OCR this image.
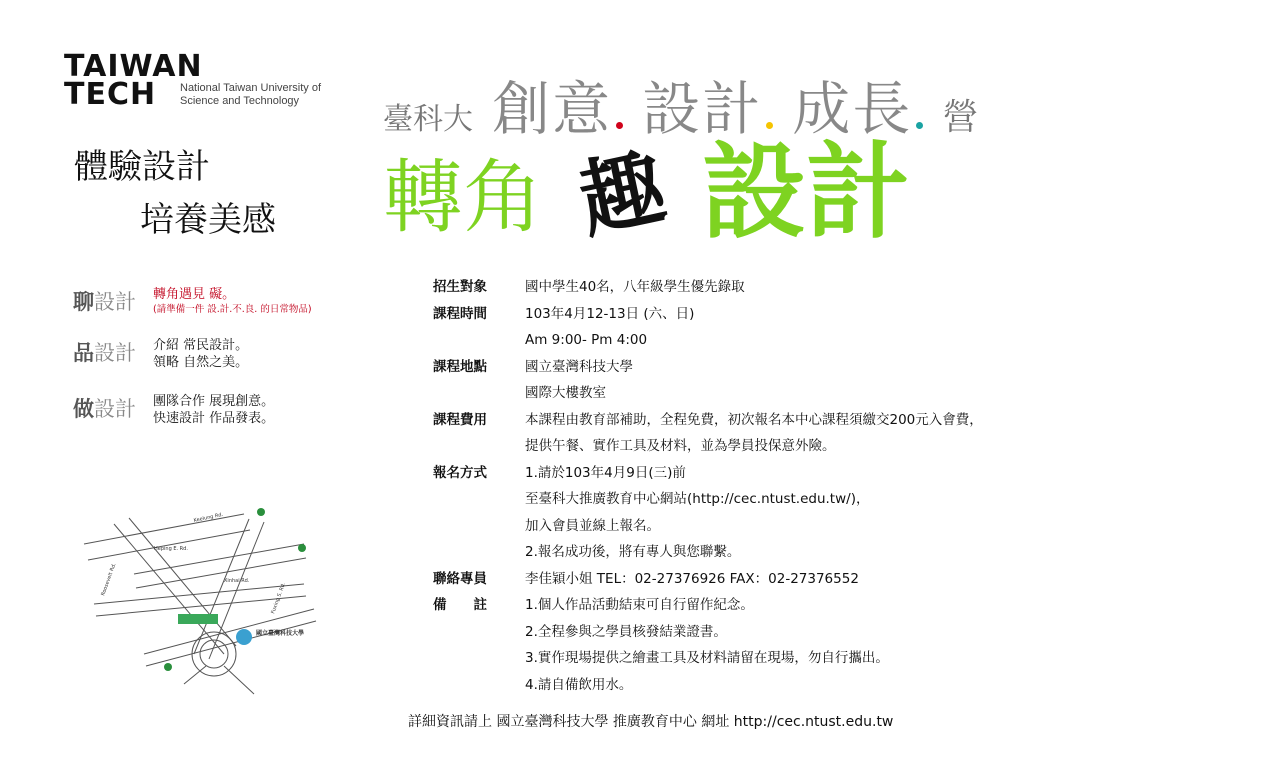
TAIWAN
TECH National Taiwan University of
Science and Technology
體驗設計
培養美感
臺科大 創意 設計 成長 營
轉角 趣 設計
聊設計	轉角遇見 礙。
(請準備一件 設.計.不.良. 的日常物品)
品設計	介紹 常民設計。
領略 自然之美。
做設計	團隊合作 展現創意。
快速設計 作品發表。
Keelung Rd.
Heping E. Rd.
Xinhai Rd.
Roosevelt Rd.
Fuxing S. Rd.
國立臺灣科技大學
招生對象	國中學生40名，八年級學生優先錄取
課程時間	103年4月12-13日 (六、日)
Am 9:00- Pm 4:00
課程地點	國立臺灣科技大學
國際大樓教室
課程費用	本課程由教育部補助，全程免費，初次報名本中心課程須繳交200元入會費，
提供午餐、實作工具及材料，並為學員投保意外險。
報名方式	1.請於103年4月9日(三)前
至臺科大推廣教育中心網站(http://cec.ntust.edu.tw/)，
加入會員並線上報名。
2.報名成功後，將有專人與您聯繫。
聯絡專員	李佳穎小姐 TEL：02-27376926 FAX：02-27376552
備　　註	1.個人作品活動結束可自行留作紀念。
2.全程參與之學員核發結業證書。
3.實作現場提供之繪畫工具及材料請留在現場，勿自行攜出。
4.請自備飲用水。
詳細資訊請上 國立臺灣科技大學 推廣教育中心 網址 http://cec.ntust.edu.tw
